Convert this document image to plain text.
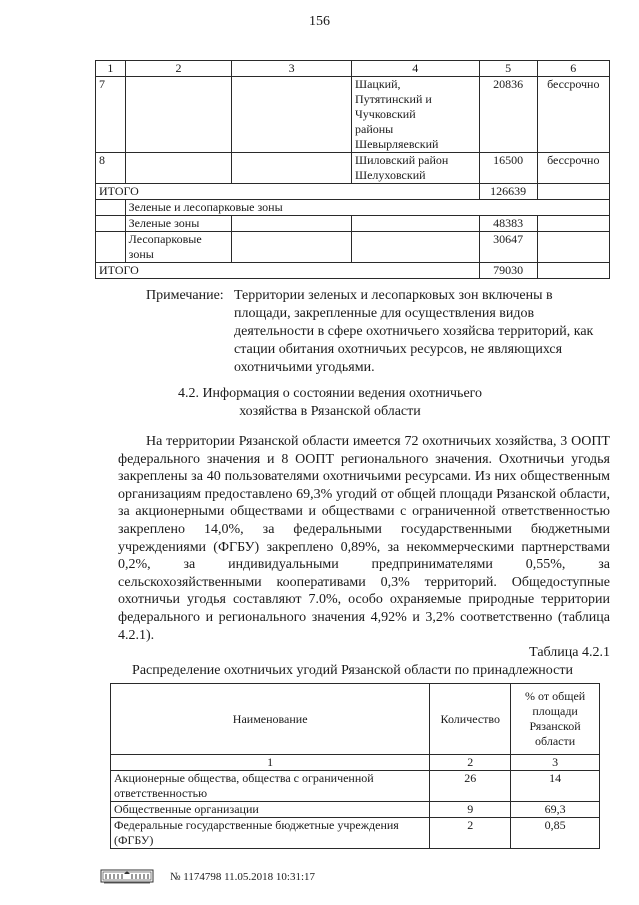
156
1	2	3	4	5	6
7			Шацкий,
Путятинский и
Чучковский
районы
Шевырляевский	20836	бессрочно
8			Шиловский район
Шелуховский	16500	бессрочно
ИТОГО				126639	
	Зеленые и лесопарковые зоны				
	Зеленые зоны			48383	
	Лесопарковые
зоны			30647	
ИТОГО				79030	
Примечание: Территории зеленых и лесопарковых зон включены в площади, закрепленные для осуществления видов деятельности в сфере охотничьего хозяйсва территорий, как стации обитания охотничьих ресурсов, не являющихся охотничьими угодьями.
4.2. Информация о состоянии ведения охотничьего
хозяйства в Рязанской области

На территории Рязанской области имеется 72 охотничьих хозяйства, 3 ООПТ федерального значения и 8 ООПТ регионального значения. Охотничьи угодья закреплены за 40 пользователями охотничьими ресурсами. Из них общественным организациям предоставлено 69,3% угодий от общей площади Рязанской области, за акционерными обществами и обществами с ограниченной ответственностью закреплено 14,0%, за федеральными государственными бюджетными учреждениями (ФГБУ) закреплено 0,89%, за некоммерческими партнерствами 0,2%, за индивидуальными предпринимателями 0,55%, за сельскохозяйственными кооперативами 0,3% территорий. Общедоступные охотничьи угодья составляют 7.0%, особо охраняемые природные территории федерального и регионального значения 4,92% и 3,2% соответственно (таблица 4.2.1).

Таблица 4.2.1
Распределение охотничьих угодий Рязанской области по принадлежности
Наименование	Количество	% от общей
площади
Рязанской
области
1	2	3
Акционерные общества, общества с ограниченной ответственностью	26	14
Общественные организации	9	69,3
Федеральные государственные бюджетные учреждения (ФГБУ)	2	0,85
№ 1174798 11.05.2018 10:31:17
